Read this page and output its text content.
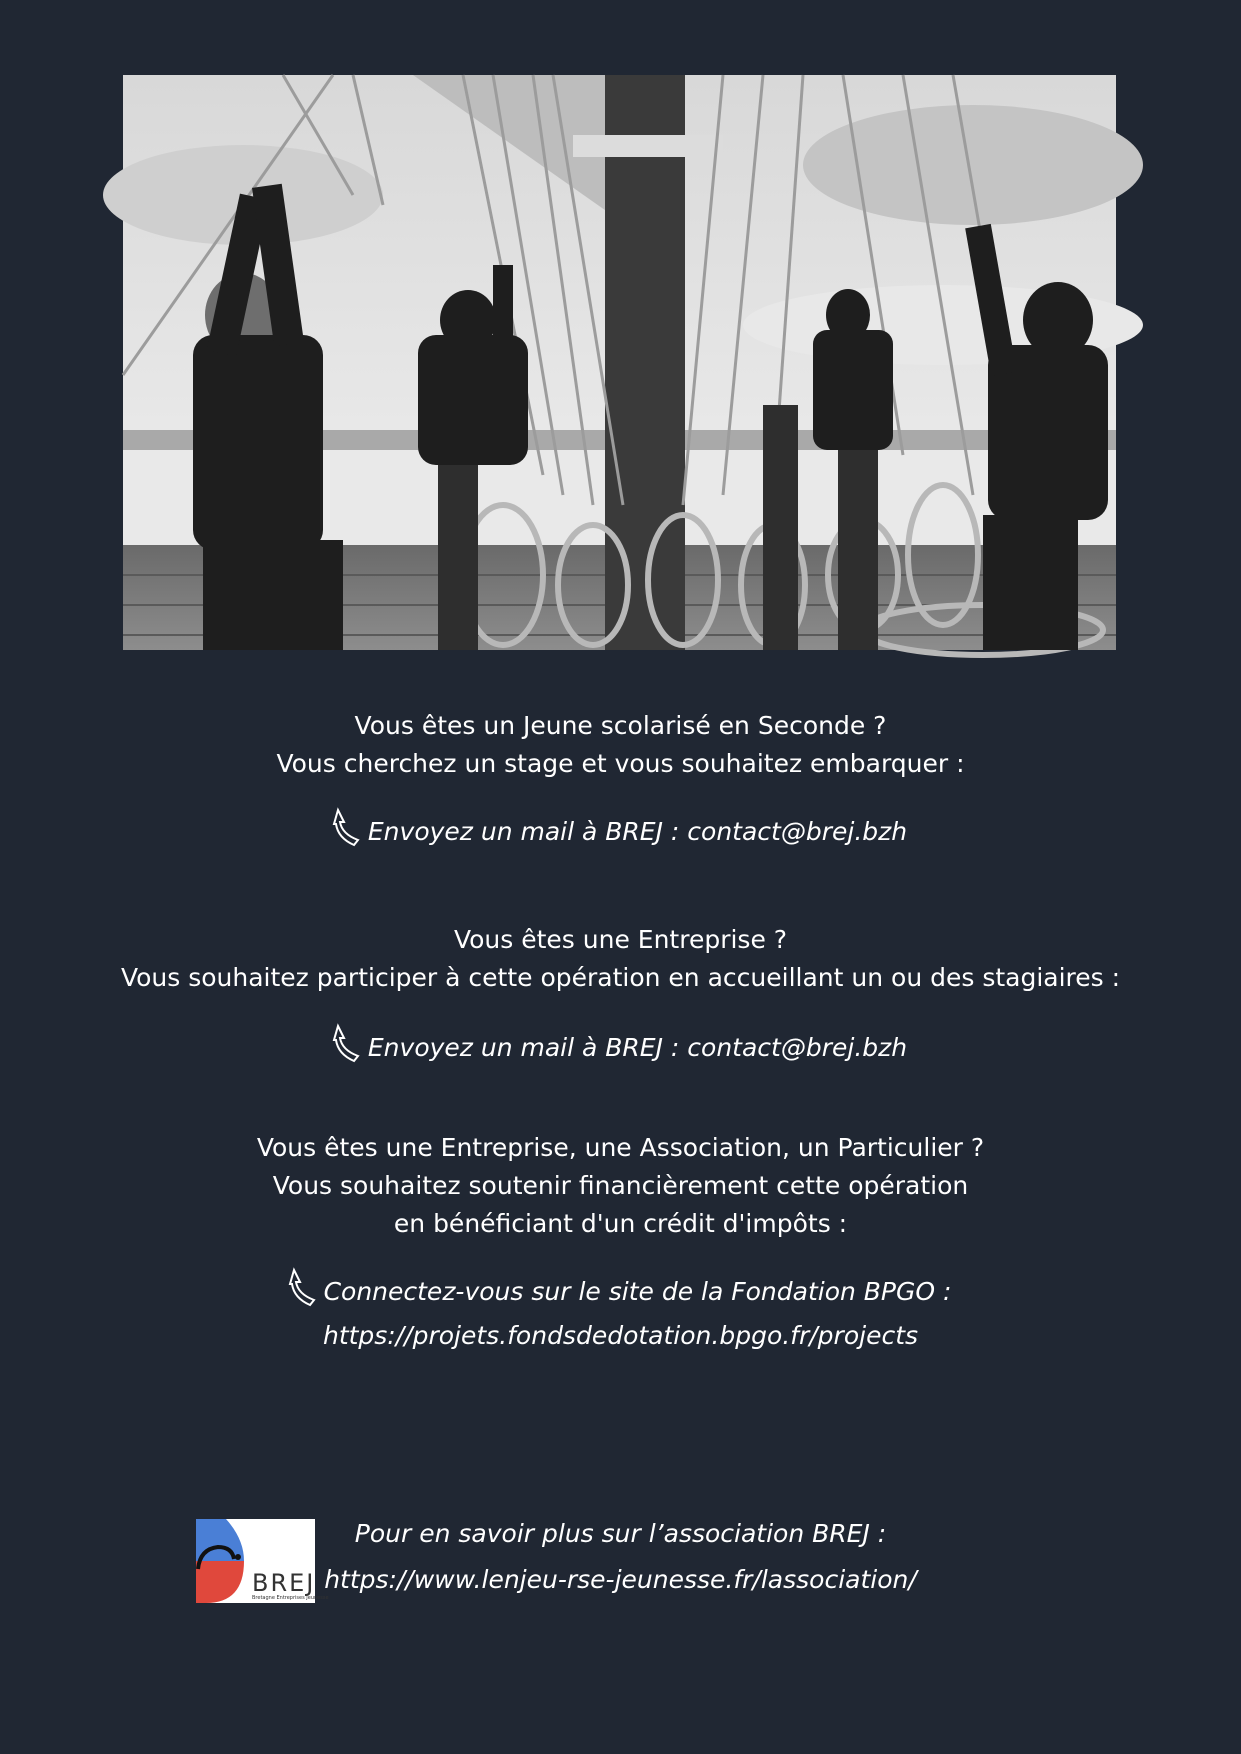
Vous êtes un Jeune scolarisé en Seconde ?
Vous cherchez un stage et vous souhaitez embarquer :
Envoyez un mail à BREJ : contact@brej.bzh
Vous êtes une Entreprise ?
Vous souhaitez participer à cette opération en accueillant un ou des stagiaires :
Envoyez un mail à BREJ : contact@brej.bzh
Vous êtes une Entreprise, une Association, un Particulier ?
Vous souhaitez soutenir financièrement cette opération
en bénéficiant d'un crédit d'impôts :
Connectez-vous sur le site de la Fondation BPGO :
https://projets.fondsdedotation.bpgo.fr/projects
BREJ
Bretagne Entreprises Jeunesse
Pour en savoir plus sur l’association BREJ :
https://www.lenjeu-rse-jeunesse.fr/lassociation/
